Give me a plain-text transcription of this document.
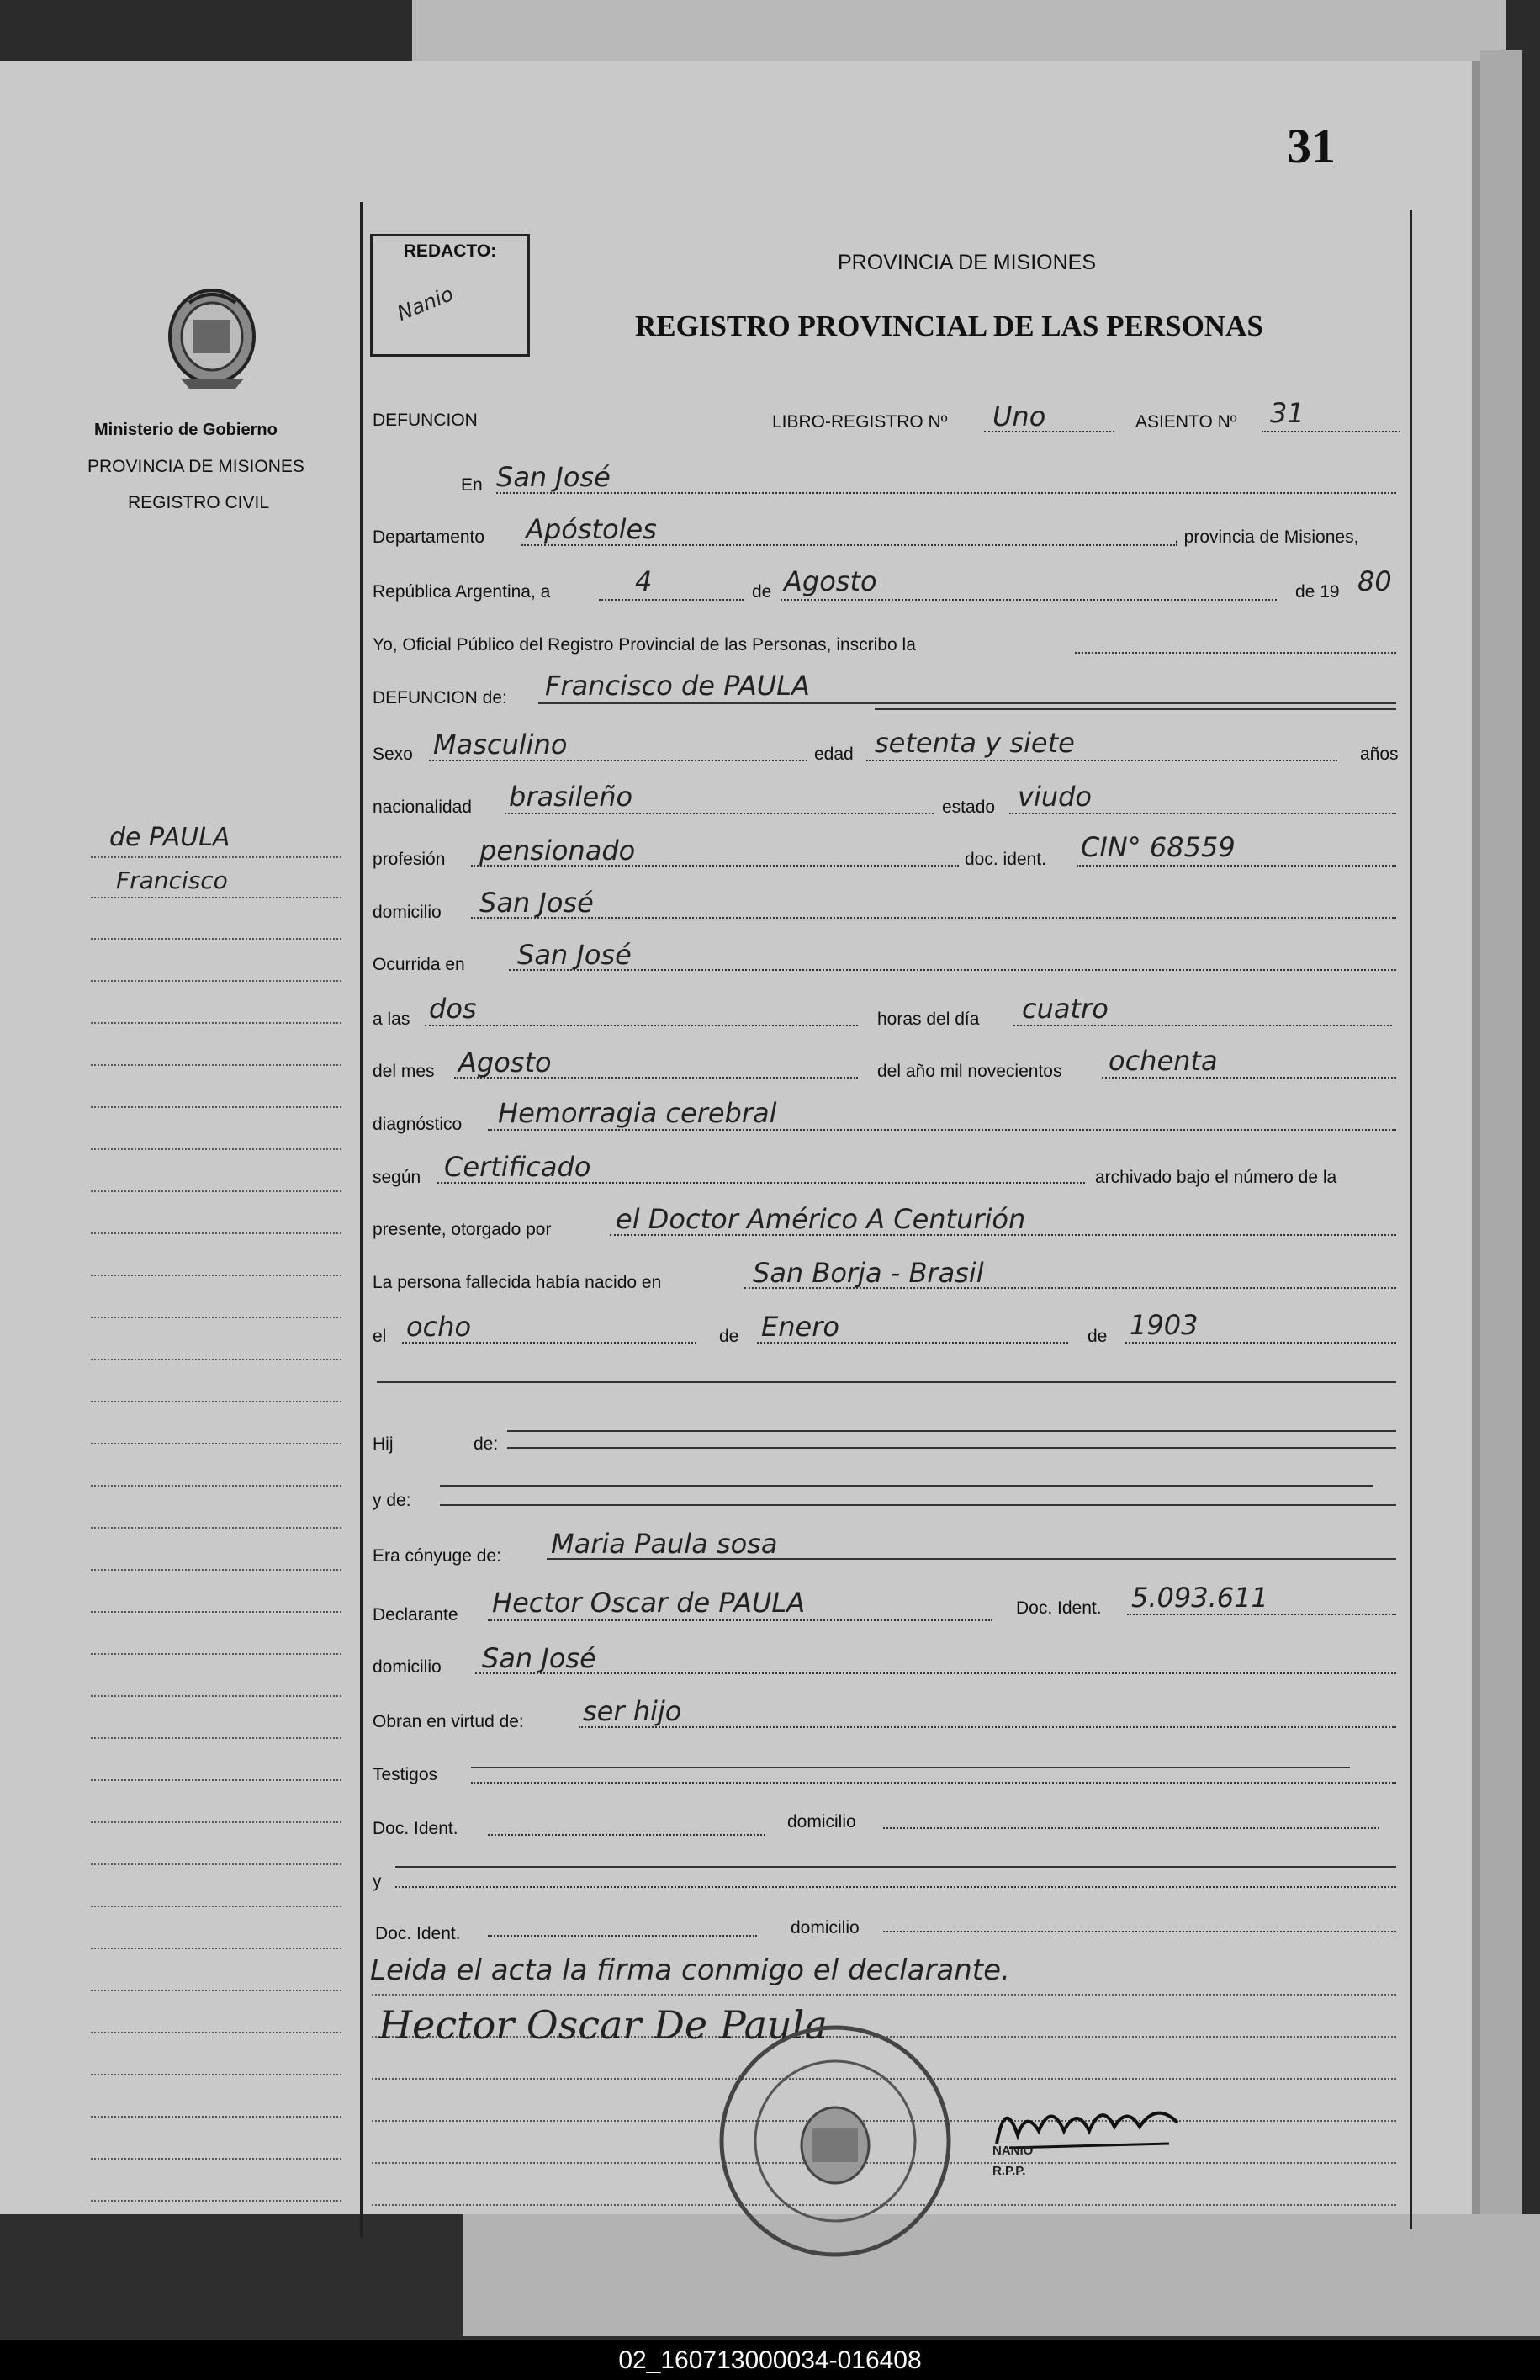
31
Ministerio de Gobierno
PROVINCIA DE MISIONES
REGISTRO CIVIL
de PAULA
Francisco
REDACTO:
Nanio
PROVINCIA DE MISIONES
REGISTRO PROVINCIAL DE LAS PERSONAS
DEFUNCION	LIBRO-REGISTRO Nº Uno	ASIENTO Nº 31
En San José
Departamento Apóstoles	, provincia de Misiones,
República Argentina, a	4	de Agosto	de 19 80
Yo, Oficial Público del Registro Provincial de las Personas, inscribo la
DEFUNCION de: Francisco de PAULA
Sexo Masculino	edad setenta y siete	años
nacionalidad brasileño	estado viudo
profesión pensionado	doc. ident. CIN° 68559
domicilio San José
Ocurrida en San José
a las dos	horas del día cuatro
del mes Agosto	del año mil novecientos ochenta
diagnóstico Hemorragia cerebral
según Certificado	archivado bajo el número de la
presente, otorgado por el Doctor Américo A Centurión
La persona fallecida había nacido en	San Borja - Brasil
el ocho	de Enero	de 1903
Hij	de:
y de:
Era cónyuge de: Maria Paula sosa
Declarante Hector Oscar de PAULA	Doc. Ident. 5.093.611
domicilio San José
Obran en virtud de: ser hijo
Testigos
Doc. Ident.	domicilio
y
Doc. Ident.	domicilio
Leida el acta la firma conmigo el declarante.
Hector Oscar De Paula
NANIO
R.P.P.
02_160713000034-016408
